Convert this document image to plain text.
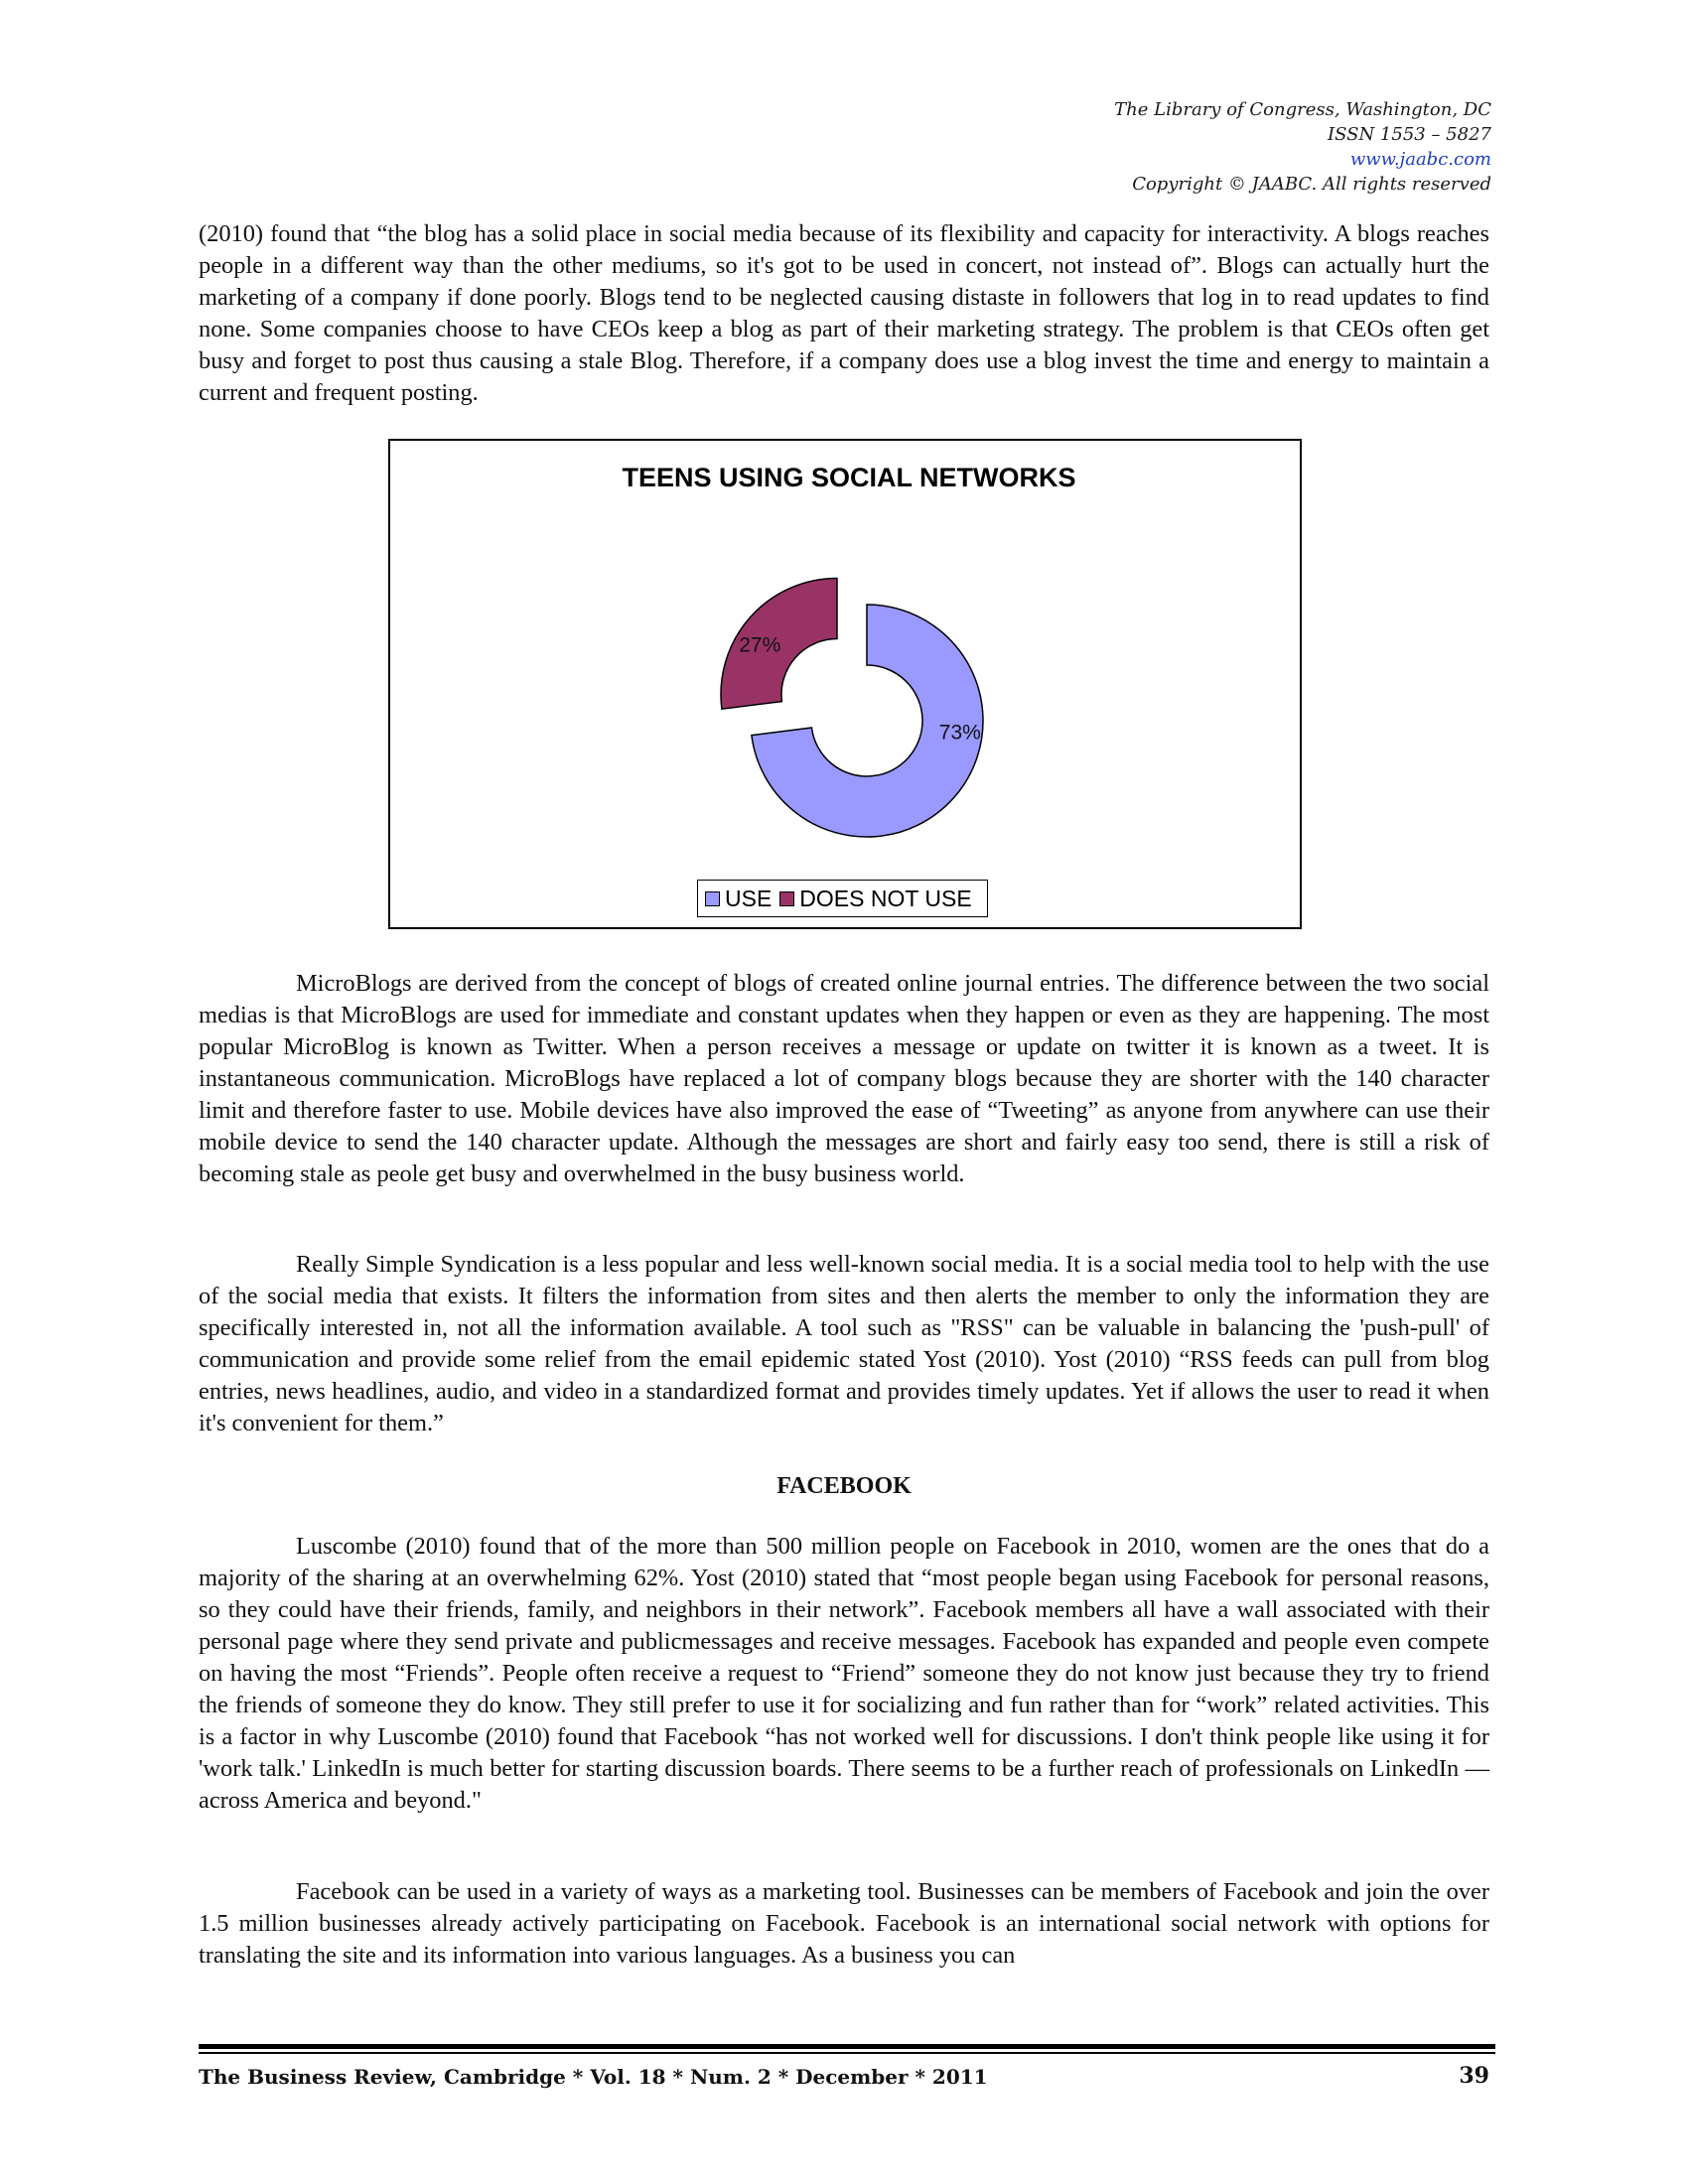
The Library of Congress, Washington, DC
ISSN 1553 – 5827
www.jaabc.com
Copyright © JAABC. All rights reserved

(2010) found that “the blog has a solid place in social media because of its flexibility and capacity for interactivity. A blogs reaches people in a different way than the other mediums, so it's got to be used in concert, not instead of”. Blogs can actually hurt the marketing of a company if done poorly. Blogs tend to be neglected causing distaste in followers that log in to read updates to find none. Some companies choose to have CEOs keep a blog as part of their marketing strategy. The problem is that CEOs often get busy and forget to post thus causing a stale Blog. Therefore, if a company does use a blog invest the time and energy to maintain a current and frequent posting.

TEENS USING SOCIAL NETWORKS
73%
27%
USE DOES NOT USE

MicroBlogs are derived from the concept of blogs of created online journal entries. The difference between the two social medias is that MicroBlogs are used for immediate and constant updates when they happen or even as they are happening. The most popular MicroBlog is known as Twitter. When a person receives a message or update on twitter it is known as a tweet. It is instantaneous communication. MicroBlogs have replaced a lot of company blogs because they are shorter with the 140 character limit and therefore faster to use. Mobile devices have also improved the ease of “Tweeting” as anyone from anywhere can use their mobile device to send the 140 character update. Although the messages are short and fairly easy too send, there is still a risk of becoming stale as peole get busy and overwhelmed in the busy business world.

Really Simple Syndication is a less popular and less well-known social media. It is a social media tool to help with the use of the social media that exists. It filters the information from sites and then alerts the member to only the information they are specifically interested in, not all the information available. A tool such as "RSS" can be valuable in balancing the 'push-pull' of communication and provide some relief from the email epidemic stated Yost (2010). Yost (2010) “RSS feeds can pull from blog entries, news headlines, audio, and video in a standardized format and provides timely updates. Yet if allows the user to read it when it's convenient for them.”

FACEBOOK

Luscombe (2010) found that of the more than 500 million people on Facebook in 2010, women are the ones that do a majority of the sharing at an overwhelming 62%. Yost (2010) stated that “most people began using Facebook for personal reasons, so they could have their friends, family, and neighbors in their network”. Facebook members all have a wall associated with their personal page where they send private and publicmessages and receive messages. Facebook has expanded and people even compete on having the most “Friends”. People often receive a request to “Friend” someone they do not know just because they try to friend the friends of someone they do know. They still prefer to use it for socializing and fun rather than for “work” related activities. This is a factor in why Luscombe (2010) found that Facebook “has not worked well for discussions. I don't think people like using it for 'work talk.' LinkedIn is much better for starting discussion boards. There seems to be a further reach of professionals on LinkedIn — across America and beyond."

Facebook can be used in a variety of ways as a marketing tool. Businesses can be members of Facebook and join the over 1.5 million businesses already actively participating on Facebook. Facebook is an international social network with options for translating the site and its information into various languages. As a business you can

The Business Review, Cambridge * Vol. 18 * Num. 2 * December * 2011	39
